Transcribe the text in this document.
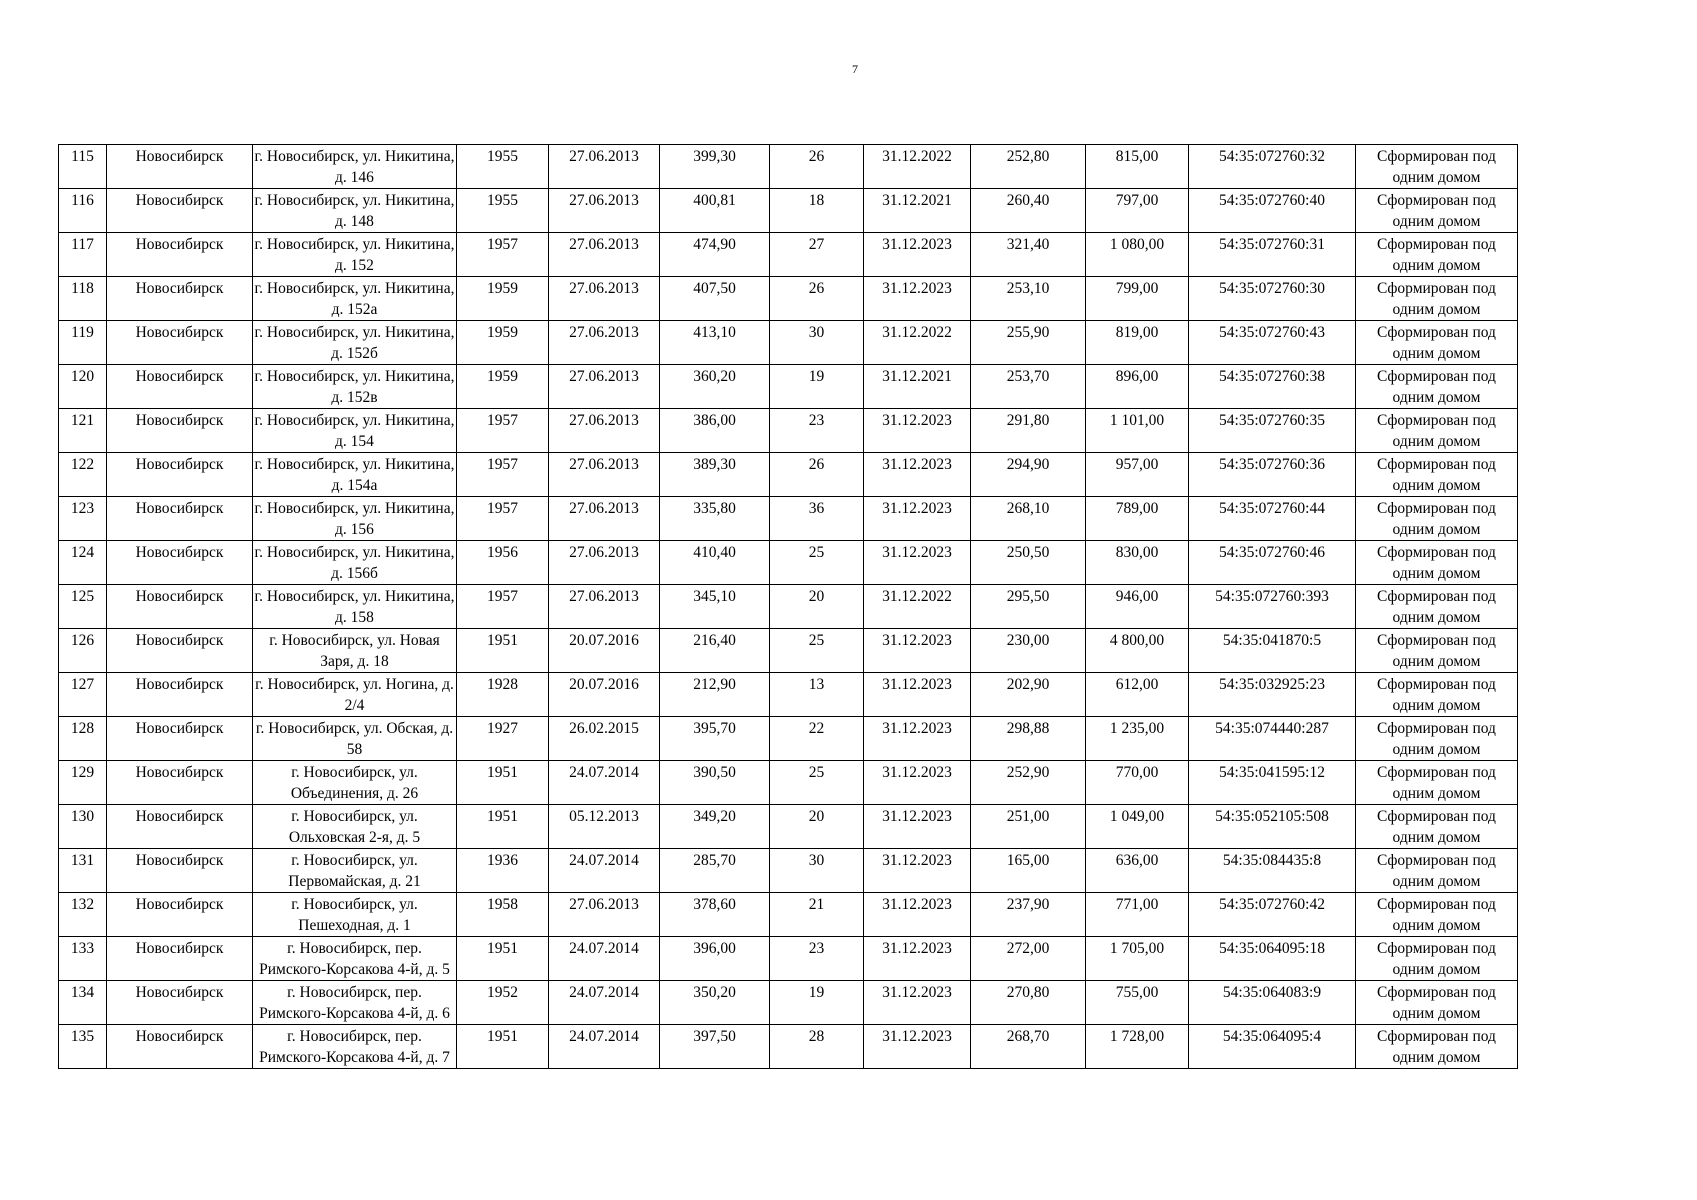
7
115	Новосибирск	г. Новосибирск, ул. Никитина, д. 146	1955	27.06.2013	399,30	26	31.12.2022	252,80	815,00	54:35:072760:32	Сформирован под одним домом
116	Новосибирск	г. Новосибирск, ул. Никитина, д. 148	1955	27.06.2013	400,81	18	31.12.2021	260,40	797,00	54:35:072760:40	Сформирован под одним домом
117	Новосибирск	г. Новосибирск, ул. Никитина, д. 152	1957	27.06.2013	474,90	27	31.12.2023	321,40	1 080,00	54:35:072760:31	Сформирован под одним домом
118	Новосибирск	г. Новосибирск, ул. Никитина, д. 152а	1959	27.06.2013	407,50	26	31.12.2023	253,10	799,00	54:35:072760:30	Сформирован под одним домом
119	Новосибирск	г. Новосибирск, ул. Никитина, д. 152б	1959	27.06.2013	413,10	30	31.12.2022	255,90	819,00	54:35:072760:43	Сформирован под одним домом
120	Новосибирск	г. Новосибирск, ул. Никитина, д. 152в	1959	27.06.2013	360,20	19	31.12.2021	253,70	896,00	54:35:072760:38	Сформирован под одним домом
121	Новосибирск	г. Новосибирск, ул. Никитина, д. 154	1957	27.06.2013	386,00	23	31.12.2023	291,80	1 101,00	54:35:072760:35	Сформирован под одним домом
122	Новосибирск	г. Новосибирск, ул. Никитина, д. 154а	1957	27.06.2013	389,30	26	31.12.2023	294,90	957,00	54:35:072760:36	Сформирован под одним домом
123	Новосибирск	г. Новосибирск, ул. Никитина, д. 156	1957	27.06.2013	335,80	36	31.12.2023	268,10	789,00	54:35:072760:44	Сформирован под одним домом
124	Новосибирск	г. Новосибирск, ул. Никитина, д. 156б	1956	27.06.2013	410,40	25	31.12.2023	250,50	830,00	54:35:072760:46	Сформирован под одним домом
125	Новосибирск	г. Новосибирск, ул. Никитина, д. 158	1957	27.06.2013	345,10	20	31.12.2022	295,50	946,00	54:35:072760:393	Сформирован под одним домом
126	Новосибирск	г. Новосибирск, ул. Новая Заря, д. 18	1951	20.07.2016	216,40	25	31.12.2023	230,00	4 800,00	54:35:041870:5	Сформирован под одним домом
127	Новосибирск	г. Новосибирск, ул. Ногина, д. 2/4	1928	20.07.2016	212,90	13	31.12.2023	202,90	612,00	54:35:032925:23	Сформирован под одним домом
128	Новосибирск	г. Новосибирск, ул. Обская, д. 58	1927	26.02.2015	395,70	22	31.12.2023	298,88	1 235,00	54:35:074440:287	Сформирован под одним домом
129	Новосибирск	г. Новосибирск, ул. Объединения, д. 26	1951	24.07.2014	390,50	25	31.12.2023	252,90	770,00	54:35:041595:12	Сформирован под одним домом
130	Новосибирск	г. Новосибирск, ул. Ольховская 2-я, д. 5	1951	05.12.2013	349,20	20	31.12.2023	251,00	1 049,00	54:35:052105:508	Сформирован под одним домом
131	Новосибирск	г. Новосибирск, ул. Первомайская, д. 21	1936	24.07.2014	285,70	30	31.12.2023	165,00	636,00	54:35:084435:8	Сформирован под одним домом
132	Новосибирск	г. Новосибирск, ул. Пешеходная, д. 1	1958	27.06.2013	378,60	21	31.12.2023	237,90	771,00	54:35:072760:42	Сформирован под одним домом
133	Новосибирск	г. Новосибирск, пер. Римского-Корсакова 4-й, д. 5	1951	24.07.2014	396,00	23	31.12.2023	272,00	1 705,00	54:35:064095:18	Сформирован под одним домом
134	Новосибирск	г. Новосибирск, пер. Римского-Корсакова 4-й, д. 6	1952	24.07.2014	350,20	19	31.12.2023	270,80	755,00	54:35:064083:9	Сформирован под одним домом
135	Новосибирск	г. Новосибирск, пер. Римского-Корсакова 4-й, д. 7	1951	24.07.2014	397,50	28	31.12.2023	268,70	1 728,00	54:35:064095:4	Сформирован под одним домом
